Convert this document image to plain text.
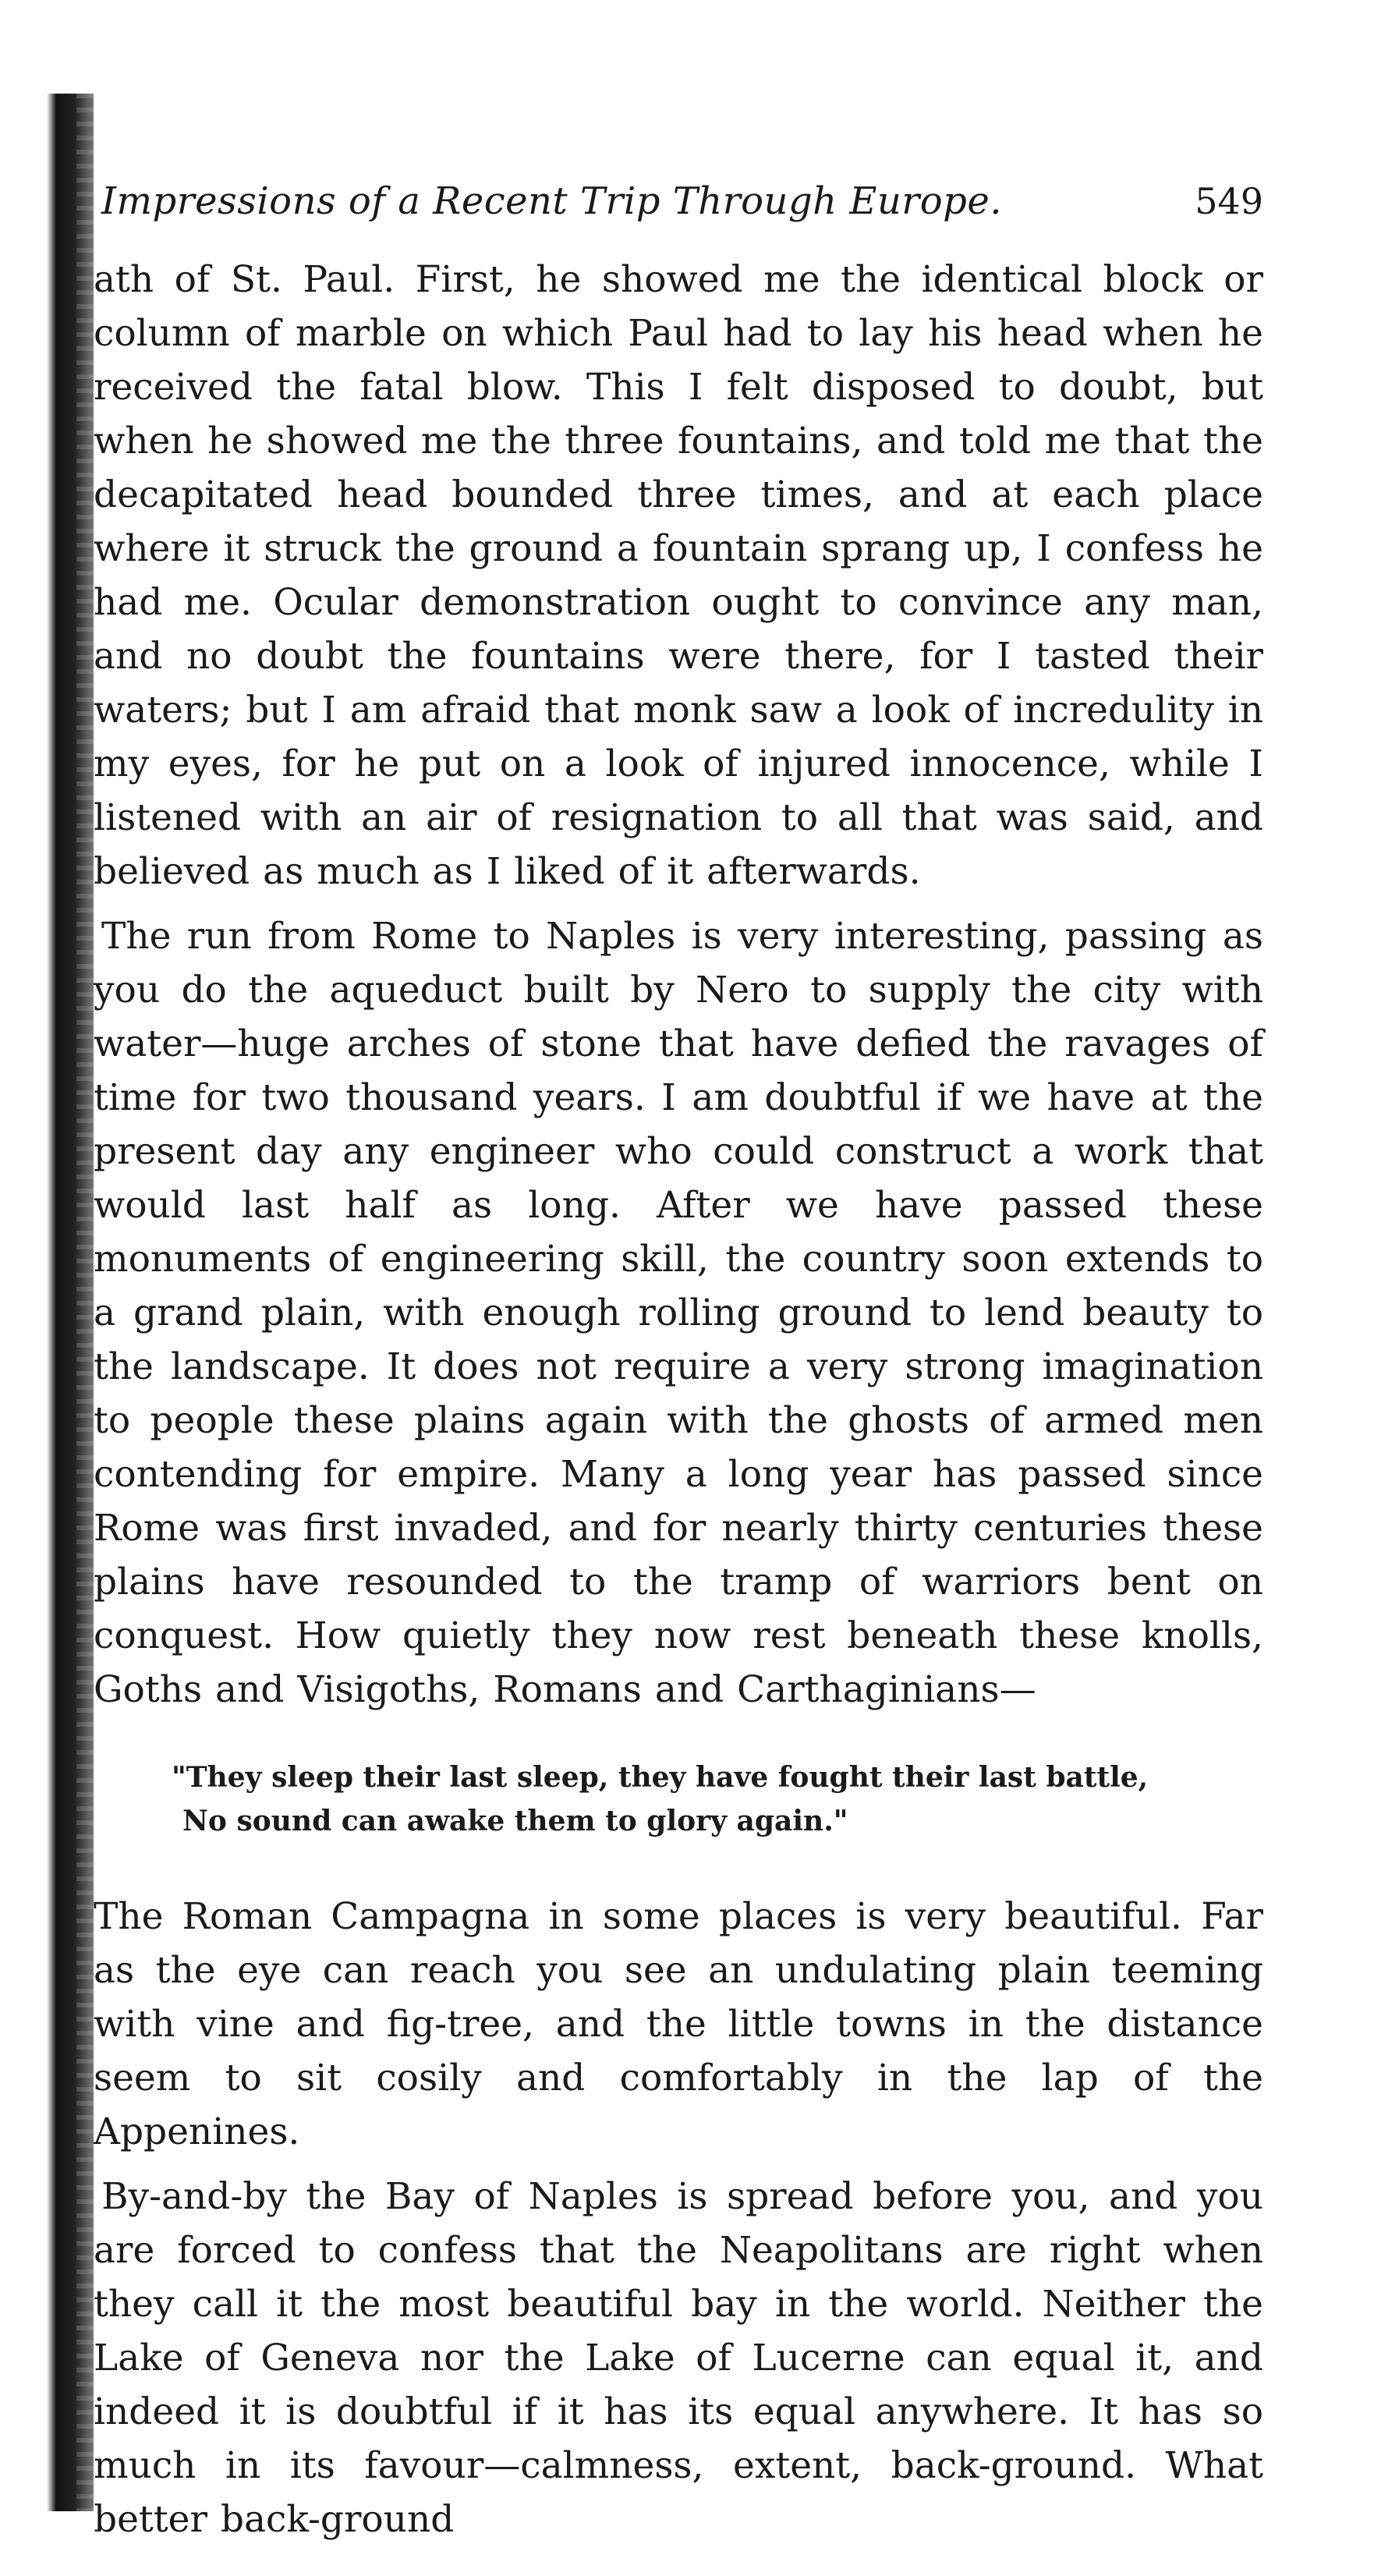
Impressions of a Recent Trip Through Europe.	549

ath of St. Paul. First, he showed me the identical block or column of marble on which Paul had to lay his head when he received the fatal blow. This I felt disposed to doubt, but when he showed me the three fountains, and told me that the decapitated head bounded three times, and at each place where it struck the ground a fountain sprang up, I confess he had me. Ocular demonstration ought to convince any man, and no doubt the fountains were there, for I tasted their waters; but I am afraid that monk saw a look of incredulity in my eyes, for he put on a look of injured innocence, while I listened with an air of resignation to all that was said, and believed as much as I liked of it afterwards.

The run from Rome to Naples is very interesting, passing as you do the aqueduct built by Nero to supply the city with water—huge arches of stone that have defied the ravages of time for two thousand years. I am doubtful if we have at the present day any engineer who could construct a work that would last half as long. After we have passed these monuments of engineering skill, the country soon extends to a grand plain, with enough rolling ground to lend beauty to the landscape. It does not require a very strong imagination to people these plains again with the ghosts of armed men contending for empire. Many a long year has passed since Rome was first invaded, and for nearly thirty centuries these plains have resounded to the tramp of warriors bent on conquest. How quietly they now rest beneath these knolls, Goths and Visigoths, Romans and Carthaginians—

"They sleep their last sleep, they have fought their last battle,
No sound can awake them to glory again."

The Roman Campagna in some places is very beautiful. Far as the eye can reach you see an undulating plain teeming with vine and fig-tree, and the little towns in the distance seem to sit cosily and comfortably in the lap of the Appenines.

By-and-by the Bay of Naples is spread before you, and you are forced to confess that the Neapolitans are right when they call it the most beautiful bay in the world. Neither the Lake of Geneva nor the Lake of Lucerne can equal it, and indeed it is doubtful if it has its equal anywhere. It has so much in its favour—calmness, extent, back-ground. What better back-ground
